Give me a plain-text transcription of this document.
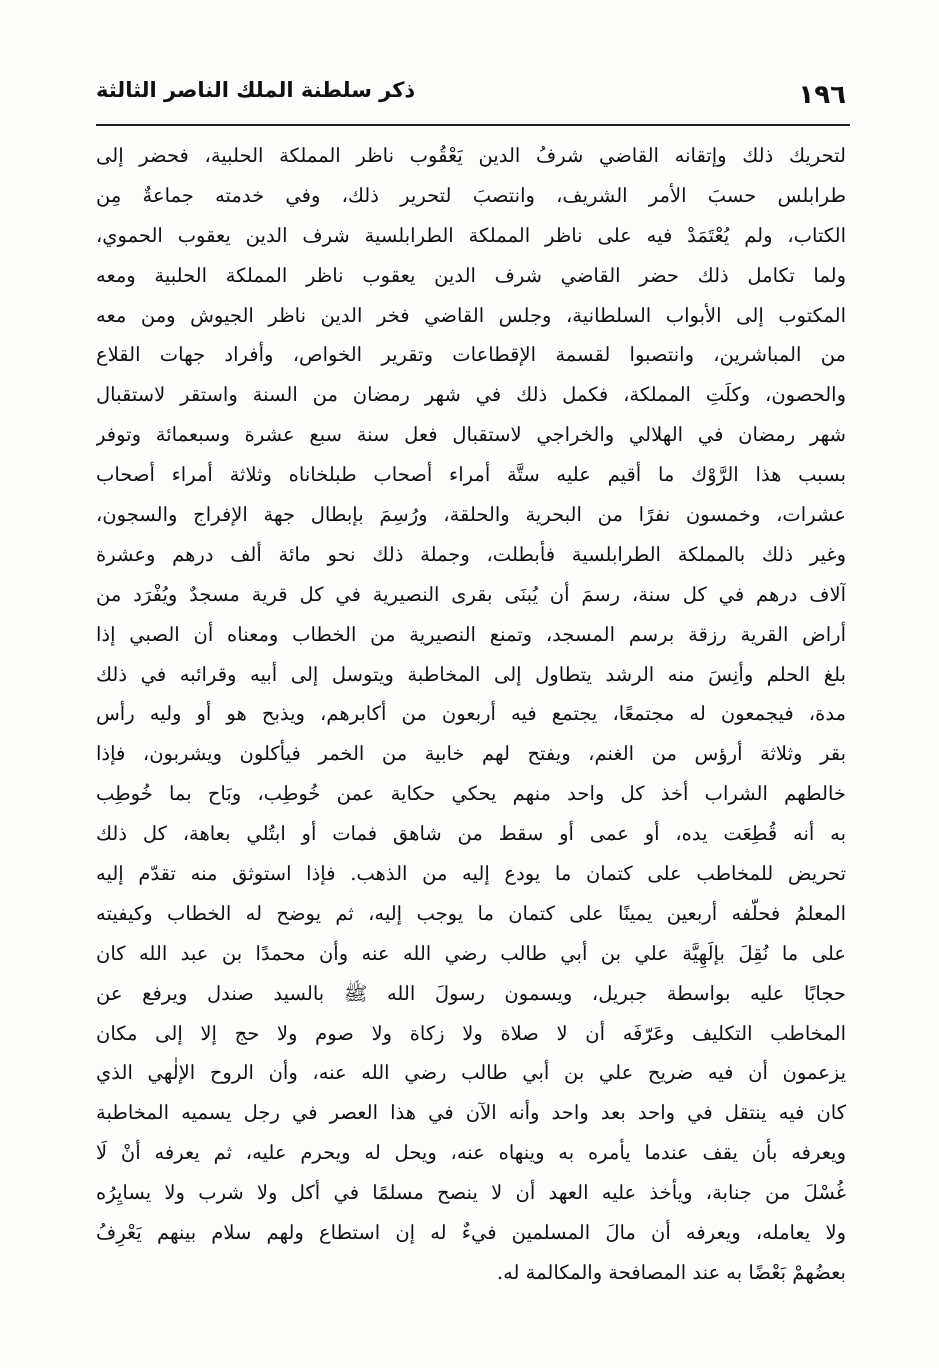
١٩٦
ذكر سلطنة الملك الناصر الثالثة
لتحريك ذلك وإتقانه القاضي شرفُ الدين يَعْقُوب ناظر المملكة الحلبية، فحضر إلى
طرابلس حسبَ الأمر الشريف، وانتصبَ لتحرير ذلك، وفي خدمته جماعةٌ مِن
الكتاب، ولم يُعْتَمَدْ فيه على ناظر المملكة الطرابلسية شرف الدين يعقوب الحموي،
ولما تكامل ذلك حضر القاضي شرف الدين يعقوب ناظر المملكة الحلبية ومعه
المكتوب إلى الأبواب السلطانية، وجلس القاضي فخر الدين ناظر الجيوش ومن معه
من المباشرين، وانتصبوا لقسمة الإقطاعات وتقرير الخواص، وأفراد جهات القلاع
والحصون، وكلَتِ المملكة، فكمل ذلك في شهر رمضان من السنة واستقر لاستقبال
شهر رمضان في الهلالي والخراجي لاستقبال فعل سنة سبع عشرة وسبعمائة وتوفر
بسبب هذا الرَّوْك ما أقيم عليه ستَّة أمراء أصحاب طبلخاناه وثلاثة أمراء أصحاب
عشرات، وخمسون نفرًا من البحرية والحلقة، ورُسِمَ بإبطال جهة الإفراج والسجون،
وغير ذلك بالمملكة الطرابلسية فأبطلت، وجملة ذلك نحو مائة ألف درهم وعشرة
آلاف درهم في كل سنة، رسمَ أن يُبنَى بقرى النصيرية في كل قرية مسجدٌ ويُفْرَد من
أراض القرية رزقة برسم المسجد، وتمنع النصيرية من الخطاب ومعناه أن الصبي إذا
بلغ الحلم وأنِسَ منه الرشد يتطاول إلى المخاطبة ويتوسل إلى أبيه وقرائبه في ذلك
مدة، فيجمعون له مجتمعًا، يجتمع فيه أربعون من أكابرهم، ويذبح هو أو وليه رأس
بقر وثلاثة أرؤس من الغنم، ويفتح لهم خابية من الخمر فيأكلون ويشربون، فإذا
خالطهم الشراب أخذ كل واحد منهم يحكي حكاية عمن خُوطِب، وبَاح بما خُوطِب
به أنه قُطِعَت يده، أو عمى أو سقط من شاهق فمات أو ابتُلي بعاهة، كل ذلك
تحريض للمخاطب على كتمان ما يودع إليه من الذهب. فإذا استوثق منه تقدّم إليه
المعلمُ فحلّفه أربعين يمينًا على كتمان ما يوجب إليه، ثم يوضح له الخطاب وكيفيته
على ما نُقِلَ بإلَهِيَّة علي بن أبي طالب رضي الله عنه وأن محمدًا بن عبد الله كان
حجابًا عليه بواسطة جبريل، ويسمون رسولَ الله ﷺ بالسيد صندل ويرفع عن
المخاطب التكليف وعَرّفَه أن لا صلاة ولا زكاة ولا صوم ولا حج إلا إلى مكان
يزعمون أن فيه ضريح علي بن أبي طالب رضي الله عنه، وأن الروح الإلٰهي الذي
كان فيه ينتقل في واحد بعد واحد وأنه الآن في هذا العصر في رجل يسميه المخاطبة
ويعرفه بأن يقف عندما يأمره به وينهاه عنه، ويحل له ويحرم عليه، ثم يعرفه أنْ لَا
غُسْلَ من جنابة، ويأخذ عليه العهد أن لا ينصح مسلمًا في أكل ولا شرب ولا يسايِرُه
ولا يعامله، ويعرفه أن مالَ المسلمين فيءٌ له إن استطاع ولهم سلام بينهم يَعْرِفُ
بعضُهمْ بَعْضًا به عند المصافحة والمكالمة له.
